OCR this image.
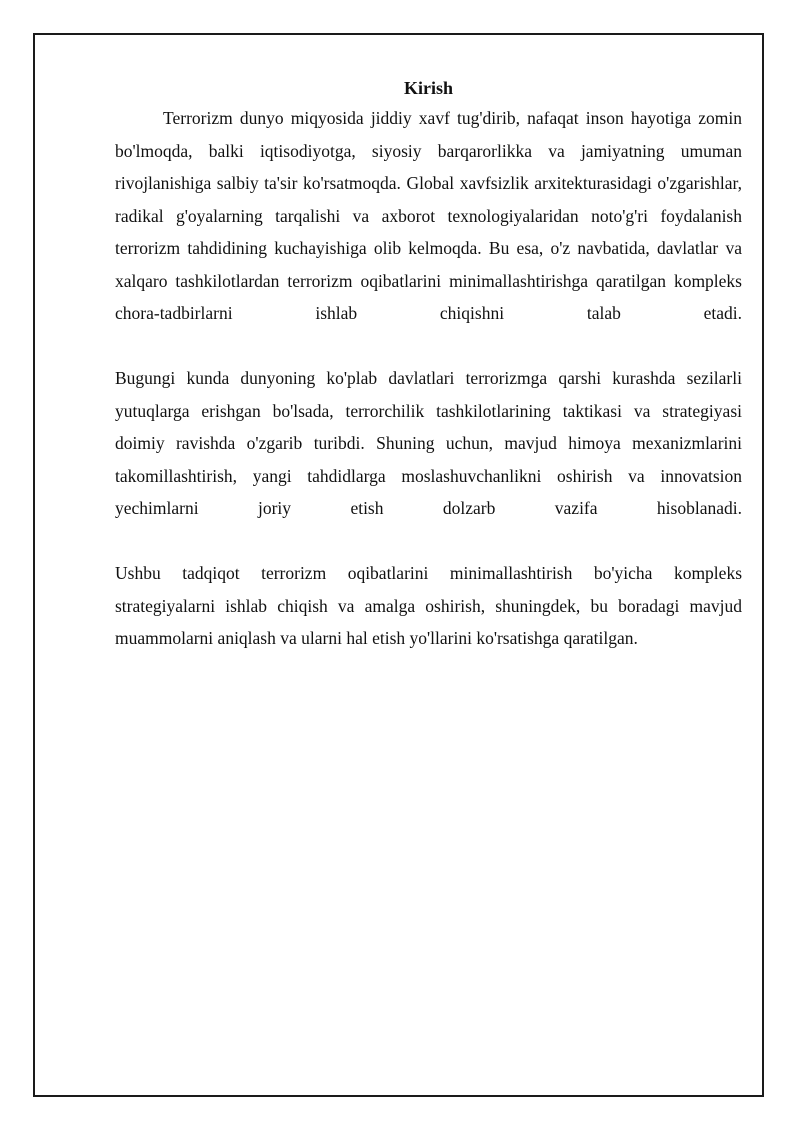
Kirish

Terrorizm dunyo miqyosida jiddiy xavf tug'dirib, nafaqat inson hayotiga zomin bo'lmoqda, balki iqtisodiyotga, siyosiy barqarorlikka va jamiyatning umuman rivojlanishiga salbiy ta'sir ko'rsatmoqda. Global xavfsizlik arxitekturasidagi o'zgarishlar, radikal g'oyalarning tarqalishi va axborot texnologiyalaridan noto'g'ri foydalanish terrorizm tahdidining kuchayishiga olib kelmoqda. Bu esa, o'z navbatida, davlatlar va xalqaro tashkilotlardan terrorizm oqibatlarini minimallashtirishga qaratilgan kompleks chora-tadbirlarni ishlab chiqishni talab etadi.

Bugungi kunda dunyoning ko'plab davlatlari terrorizmga qarshi kurashda sezilarli yutuqlarga erishgan bo'lsada, terrorchilik tashkilotlarining taktikasi va strategiyasi doimiy ravishda o'zgarib turibdi. Shuning uchun, mavjud himoya mexanizmlarini takomillashtirish, yangi tahdidlarga moslashuvchanlikni oshirish va innovatsion yechimlarni joriy etish dolzarb vazifa hisoblanadi.

Ushbu tadqiqot terrorizm oqibatlarini minimallashtirish bo'yicha kompleks strategiyalarni ishlab chiqish va amalga oshirish, shuningdek, bu boradagi mavjud muammolarni aniqlash va ularni hal etish yo'llarini ko'rsatishga qaratilgan.
